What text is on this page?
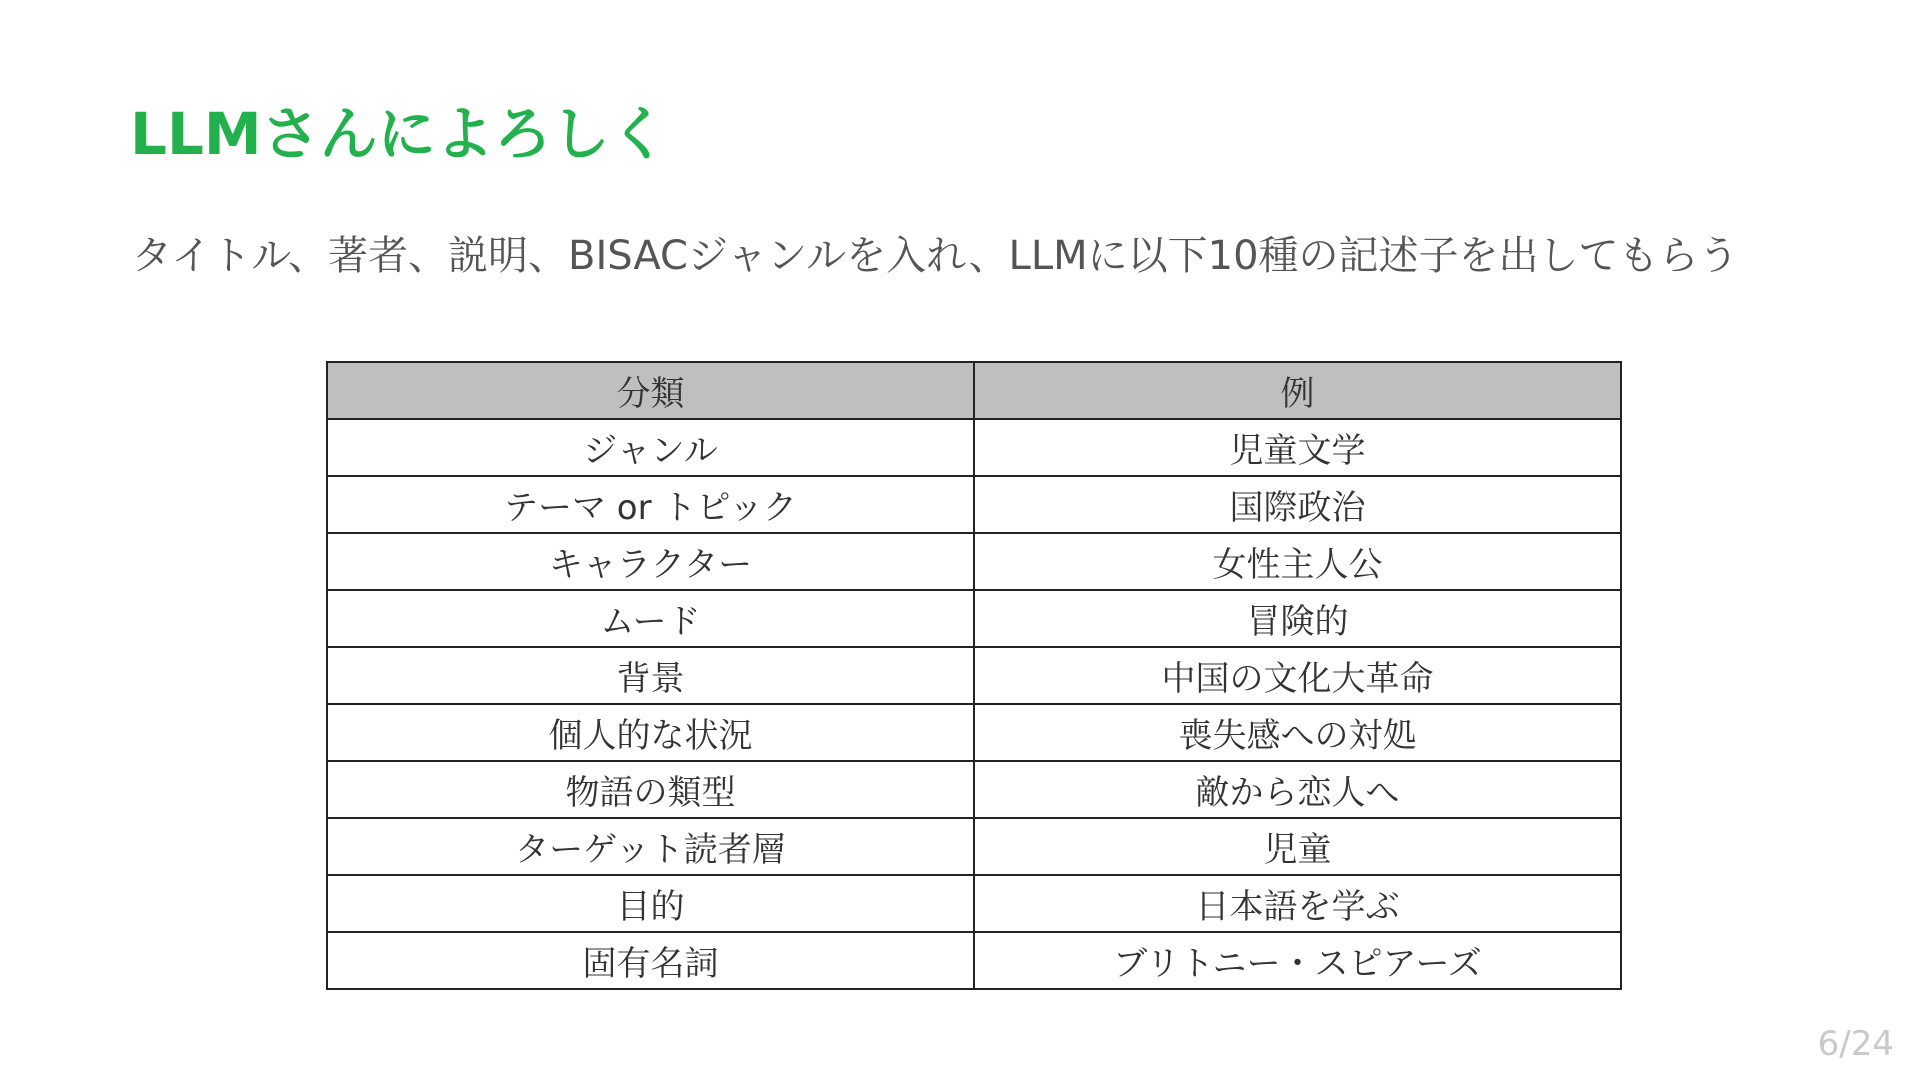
LLMさんによろしく

タイトル、著者、説明、BISACジャンルを入れ、LLMに以下10種の記述子を出してもらう

分類	例
ジャンル	児童文学
テーマ or トピック	国際政治
キャラクター	女性主人公
ムード	冒険的
背景	中国の文化大革命
個人的な状況	喪失感への対処
物語の類型	敵から恋人へ
ターゲット読者層	児童
目的	日本語を学ぶ
固有名詞	ブリトニー・スピアーズ
6/24
